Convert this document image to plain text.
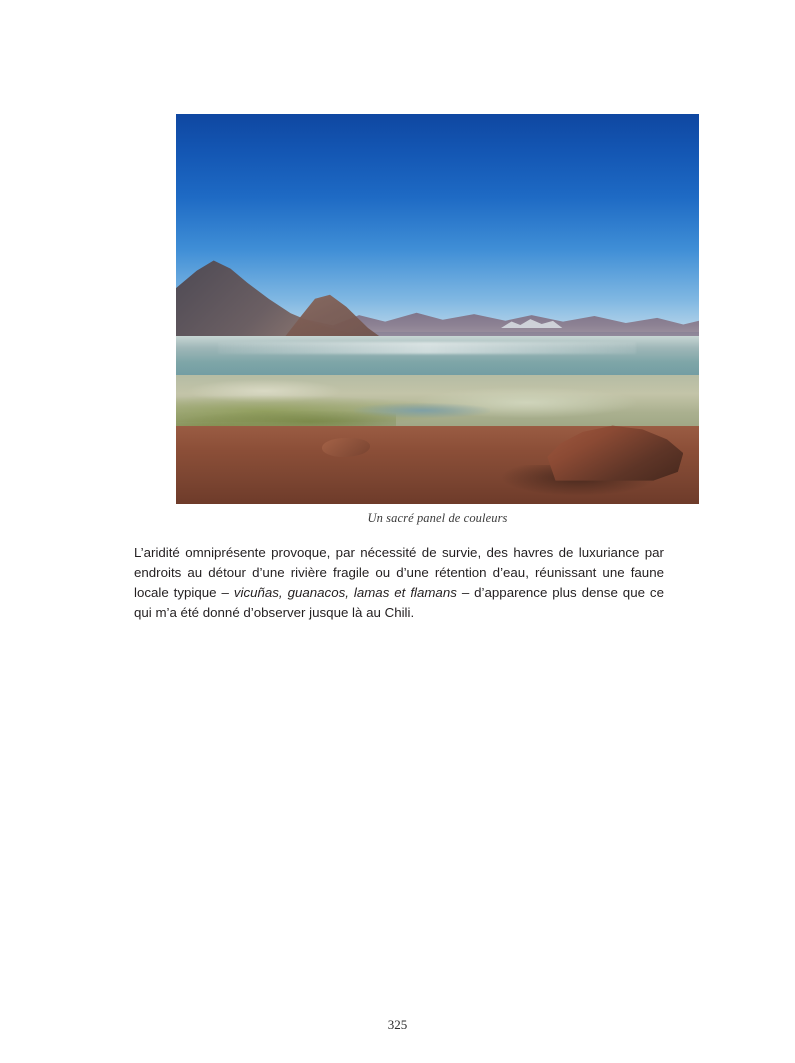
Un sacré panel de couleurs
L’aridité omniprésente provoque, par nécessité de survie, des havres de luxuriance par endroits au détour d’une rivière fragile ou d’une rétention d’eau, réunissant une faune locale typique – vicuñas, guanacos, lamas et flamans – d’apparence plus dense que ce qui m’a été donné d’observer jusque là au Chili.
325
